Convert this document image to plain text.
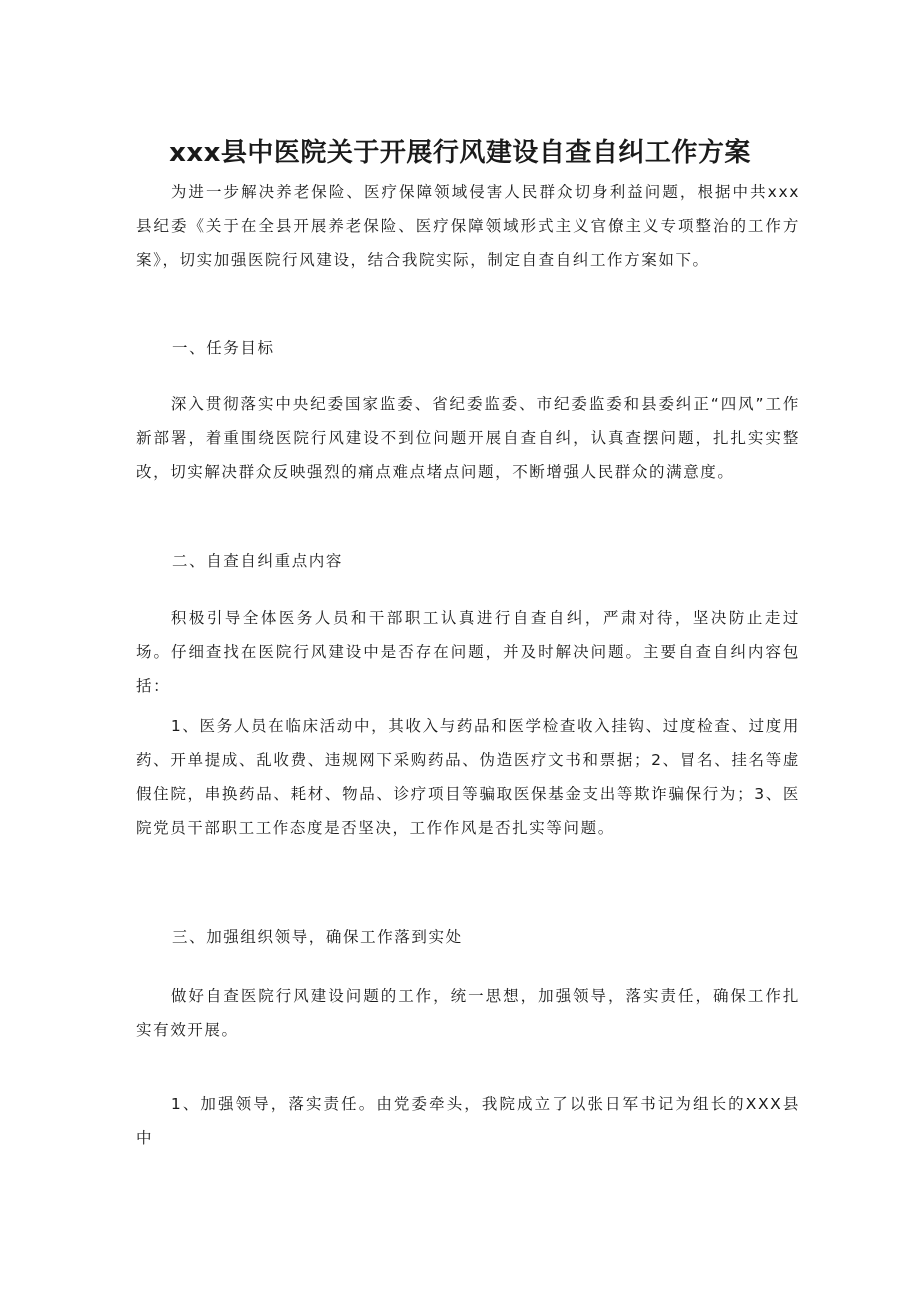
xxx县中医院关于开展行风建设自查自纠工作方案

为进一步解决养老保险、医疗保障领域侵害人民群众切身利益问题，根据中共xxx县纪委《关于在全县开展养老保险、医疗保障领域形式主义官僚主义专项整治的工作方案》，切实加强医院行风建设，结合我院实际，制定自查自纠工作方案如下。

一、任务目标

深入贯彻落实中央纪委国家监委、省纪委监委、市纪委监委和县委纠正“四风”工作新部署，着重围绕医院行风建设不到位问题开展自查自纠，认真查摆问题，扎扎实实整改，切实解决群众反映强烈的痛点难点堵点问题，不断增强人民群众的满意度。

二、自查自纠重点内容

积极引导全体医务人员和干部职工认真进行自查自纠，严肃对待，坚决防止走过场。仔细查找在医院行风建设中是否存在问题，并及时解决问题。主要自查自纠内容包括：

1、医务人员在临床活动中，其收入与药品和医学检查收入挂钩、过度检查、过度用药、开单提成、乱收费、违规网下采购药品、伪造医疗文书和票据；2、冒名、挂名等虚假住院，串换药品、耗材、物品、诊疗项目等骗取医保基金支出等欺诈骗保行为；3、医院党员干部职工工作态度是否坚决，工作作风是否扎实等问题。

三、加强组织领导，确保工作落到实处

做好自查医院行风建设问题的工作，统一思想，加强领导，落实责任，确保工作扎实有效开展。

1、加强领导，落实责任。由党委牵头，我院成立了以张日军书记为组长的XXX县中
